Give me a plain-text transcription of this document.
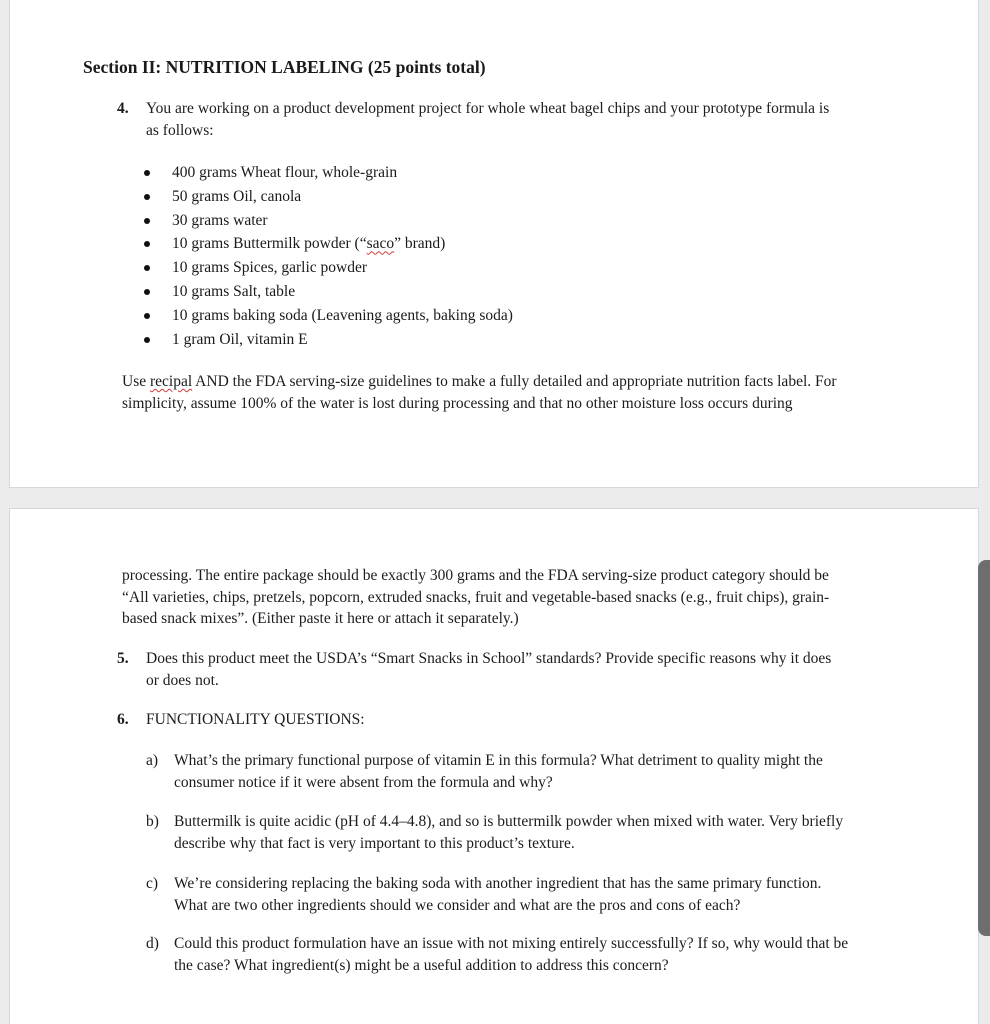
Section II: NUTRITION LABELING (25 points total)
4. You are working on a product development project for whole wheat bagel chips and your prototype formula is
as follows:
400 grams Wheat flour, whole-grain
50 grams Oil, canola
30 grams water
10 grams Buttermilk powder (“saco” brand)
10 grams Spices, garlic powder
10 grams Salt, table
10 grams baking soda (Leavening agents, baking soda)
1 gram Oil, vitamin E
Use recipal AND the FDA serving-size guidelines to make a fully detailed and appropriate nutrition facts label. For
simplicity, assume 100% of the water is lost during processing and that no other moisture loss occurs during
processing. The entire package should be exactly 300 grams and the FDA serving-size product category should be
“All varieties, chips, pretzels, popcorn, extruded snacks, fruit and vegetable-based snacks (e.g., fruit chips), grain-
based snack mixes”. (Either paste it here or attach it separately.)
5. Does this product meet the USDA’s “Smart Snacks in School” standards? Provide specific reasons why it does
or does not.
6. FUNCTIONALITY QUESTIONS:
a) What’s the primary functional purpose of vitamin E in this formula? What detriment to quality might the
consumer notice if it were absent from the formula and why?
b) Buttermilk is quite acidic (pH of 4.4–4.8), and so is buttermilk powder when mixed with water. Very briefly
describe why that fact is very important to this product’s texture.
c) We’re considering replacing the baking soda with another ingredient that has the same primary function.
What are two other ingredients should we consider and what are the pros and cons of each?
d) Could this product formulation have an issue with not mixing entirely successfully? If so, why would that be
the case? What ingredient(s) might be a useful addition to address this concern?
